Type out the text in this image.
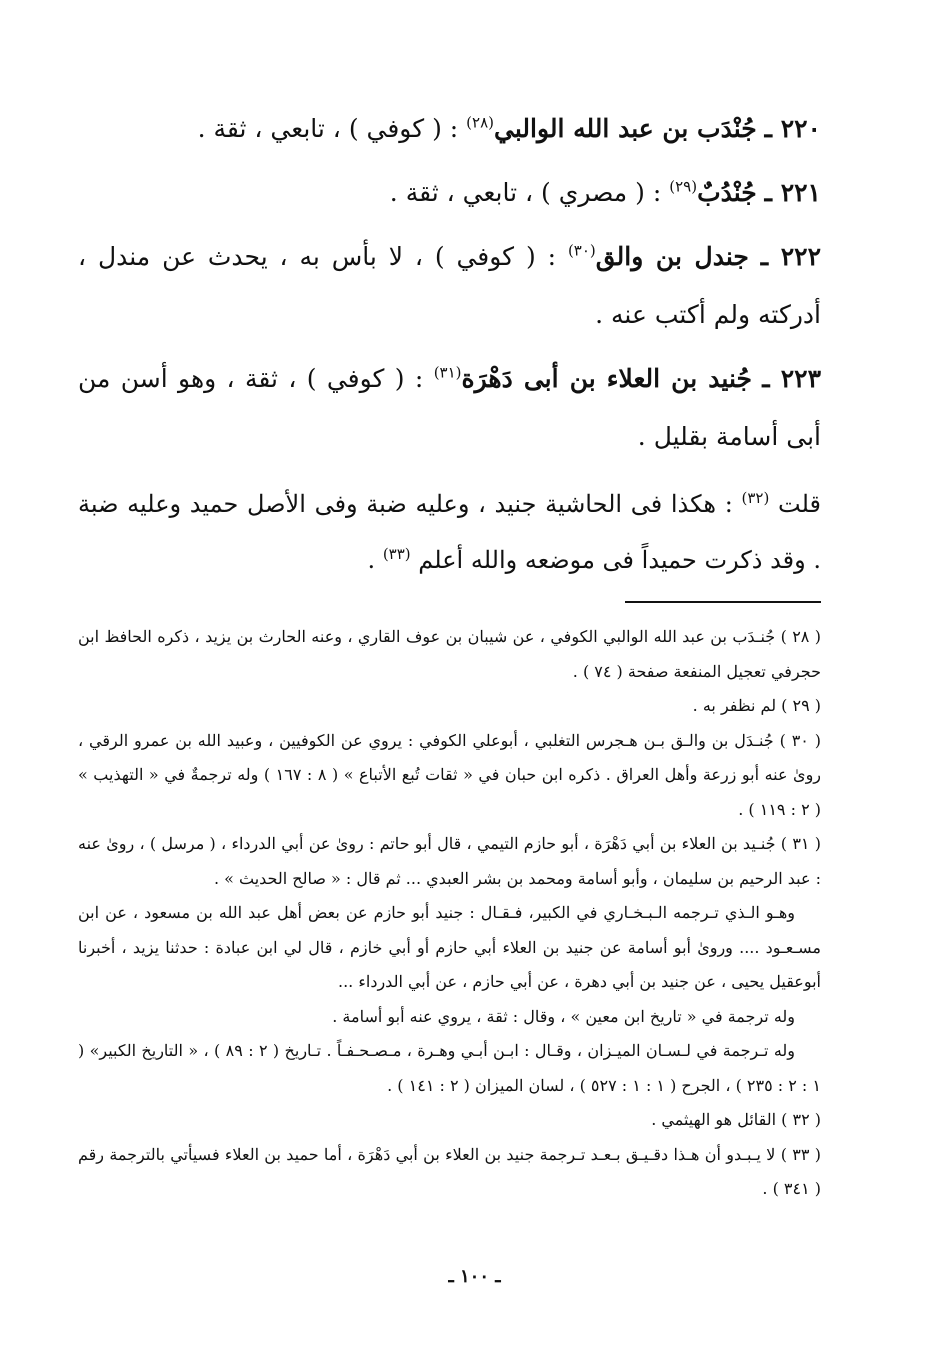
٢٢٠ ـ جُنْدَب بن عبد الله الوالبي$^{(٢٨)}$ : ( كوفي ) ، تابعي ، ثقة .

٢٢١ ـ جُنْدُبٌ$^{(٢٩)}$ : ( مصري ) ، تابعي ، ثقة .

٢٢٢ ـ جندل بن والق$^{(٣٠)}$ : ( كوفي ) ، لا بأس به ، يحدث عن مندل ، أدركته ولم أكتب عنه .

٢٢٣ ـ جُنيد بن العلاء بن أبى دَهْرَة$^{(٣١)}$ : ( كوفي ) ، ثقة ، وهو أسن من أبى أسامة بقليل .

قلت $^{(٣٢)}$ : هكذا فى الحاشية جنيد ، وعليه ضبة وفى الأصل حميد وعليه ضبة . وقد ذكرت حميداً فى موضعه والله أعلم $^{(٣٣)}$ .

( ٢٨ ) جُنـدَب بن عبد الله الوالبي الكوفي ، عن شيبان بن عوف القاري ، وعنه الحارث بن يزيد ، ذكره الحافظ ابن حجرفي تعجيل المنفعة صفحة ( ٧٤ ) .

( ٢٩ ) لم نظفر به .

( ٣٠ ) جُنـدَل بن والـق بـن هـجرس التغلبي ، أبوعلي الكوفي : يروي عن الكوفيين ، وعبيد الله بن عمرو الرقي ، روىٰ عنه أبو زرعة وأهل العراق . ذكره ابن حبان في « ثقات تُبع الأتباع » ( ٨ : ١٦٧ ) وله ترجمةٌ في « التهذيب » ( ٢ : ١١٩ ) .

( ٣١ ) جُنـيد بن العلاء بن أبي دَهْرَة ، أبو حازم التيمي ، قال أبو حاتم : روىٰ عن أبي الدرداء ، ( مرسل ) ، روىٰ عنه : عبد الرحيم بن سليمان ، وأبو أسامة ومحمد بن بشر العبدي ... ثم قال : « صالح الحديث » .

وهـو الـذي تـرجمه الـبـخـاري في الكبير، فـقـال : جنيد أبو حازم عن بعض أهل عبد الله بن مسعود ، عن ابن مسـعـود .... وروىٰ أبو أسامة عن جنيد بن العلاء أبي حازم أو أبي خازم ، قال لي ابن عبادة : حدثنا يزيد ، أخبرنا أبوعقيل يحيى ، عن جنيد بن أبي دهرة ، عن أبي حازم ، عن أبي الدرداء ...

وله ترجمة في « تاريخ ابن معين » ، وقال : ثقة ، يروي عنه أبو أسامة .

وله تـرجمة في لـسـان الميـزان ، وقـال : ابـن أبـي وهـرة ، مـصـحـفـاً . تـاريخ ( ٢ : ٨٩ ) ، « التاريخ الكبير» ( ١ : ٢ : ٢٣٥ ) ، الجرح ( ١ : ١ : ٥٢٧ ) ، لسان الميزان ( ٢ : ١٤١ ) .

( ٣٢ ) القائل هو الهيثمي .

( ٣٣ ) لا يـبـدو أن هـذا دقـيـق بـعـد تـرجمة جنيد بن العلاء بن أبي دَهْرَة ، أما حميد بن العلاء فسيأتي بالترجمة رقم ( ٣٤١ ) .

ـ ١٠٠ ـ
